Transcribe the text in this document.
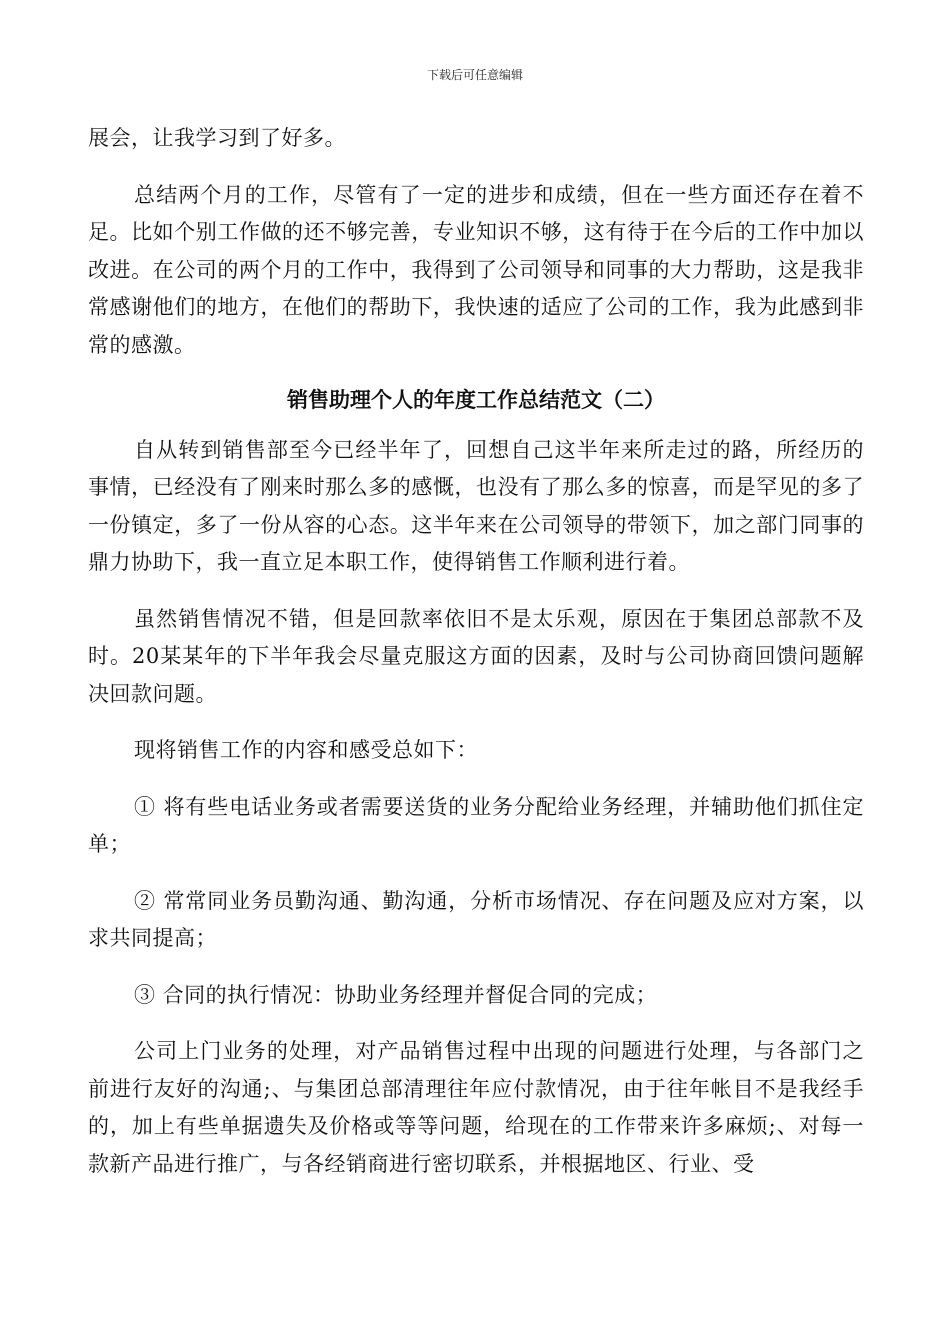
下载后可任意编辑

展会，让我学习到了好多。

总结两个月的工作，尽管有了一定的进步和成绩，但在一些方面还存在着不足。比如个别工作做的还不够完善，专业知识不够，这有待于在今后的工作中加以改进。在公司的两个月的工作中，我得到了公司领导和同事的大力帮助，这是我非常感谢他们的地方，在他们的帮助下，我快速的适应了公司的工作，我为此感到非常的感激。

销售助理个人的年度工作总结范文（二）

自从转到销售部至今已经半年了，回想自己这半年来所走过的路，所经历的事情，已经没有了刚来时那么多的感慨，也没有了那么多的惊喜，而是罕见的多了一份镇定，多了一份从容的心态。这半年来在公司领导的带领下，加之部门同事的鼎力协助下，我一直立足本职工作，使得销售工作顺利进行着。

虽然销售情况不错，但是回款率依旧不是太乐观，原因在于集团总部款不及时。20某某年的下半年我会尽量克服这方面的因素，及时与公司协商回馈问题解决回款问题。

现将销售工作的内容和感受总如下：

① 将有些电话业务或者需要送货的业务分配给业务经理，并辅助他们抓住定单；

② 常常同业务员勤沟通、勤沟通，分析市场情况、存在问题及应对方案，以求共同提高；

③ 合同的执行情况：协助业务经理并督促合同的完成；

公司上门业务的处理，对产品销售过程中出现的问题进行处理，与各部门之前进行友好的沟通;、与集团总部清理往年应付款情况，由于往年帐目不是我经手的，加上有些单据遗失及价格或等等问题，给现在的工作带来许多麻烦;、对每一款新产品进行推广，与各经销商进行密切联系，并根据地区、行业、受
